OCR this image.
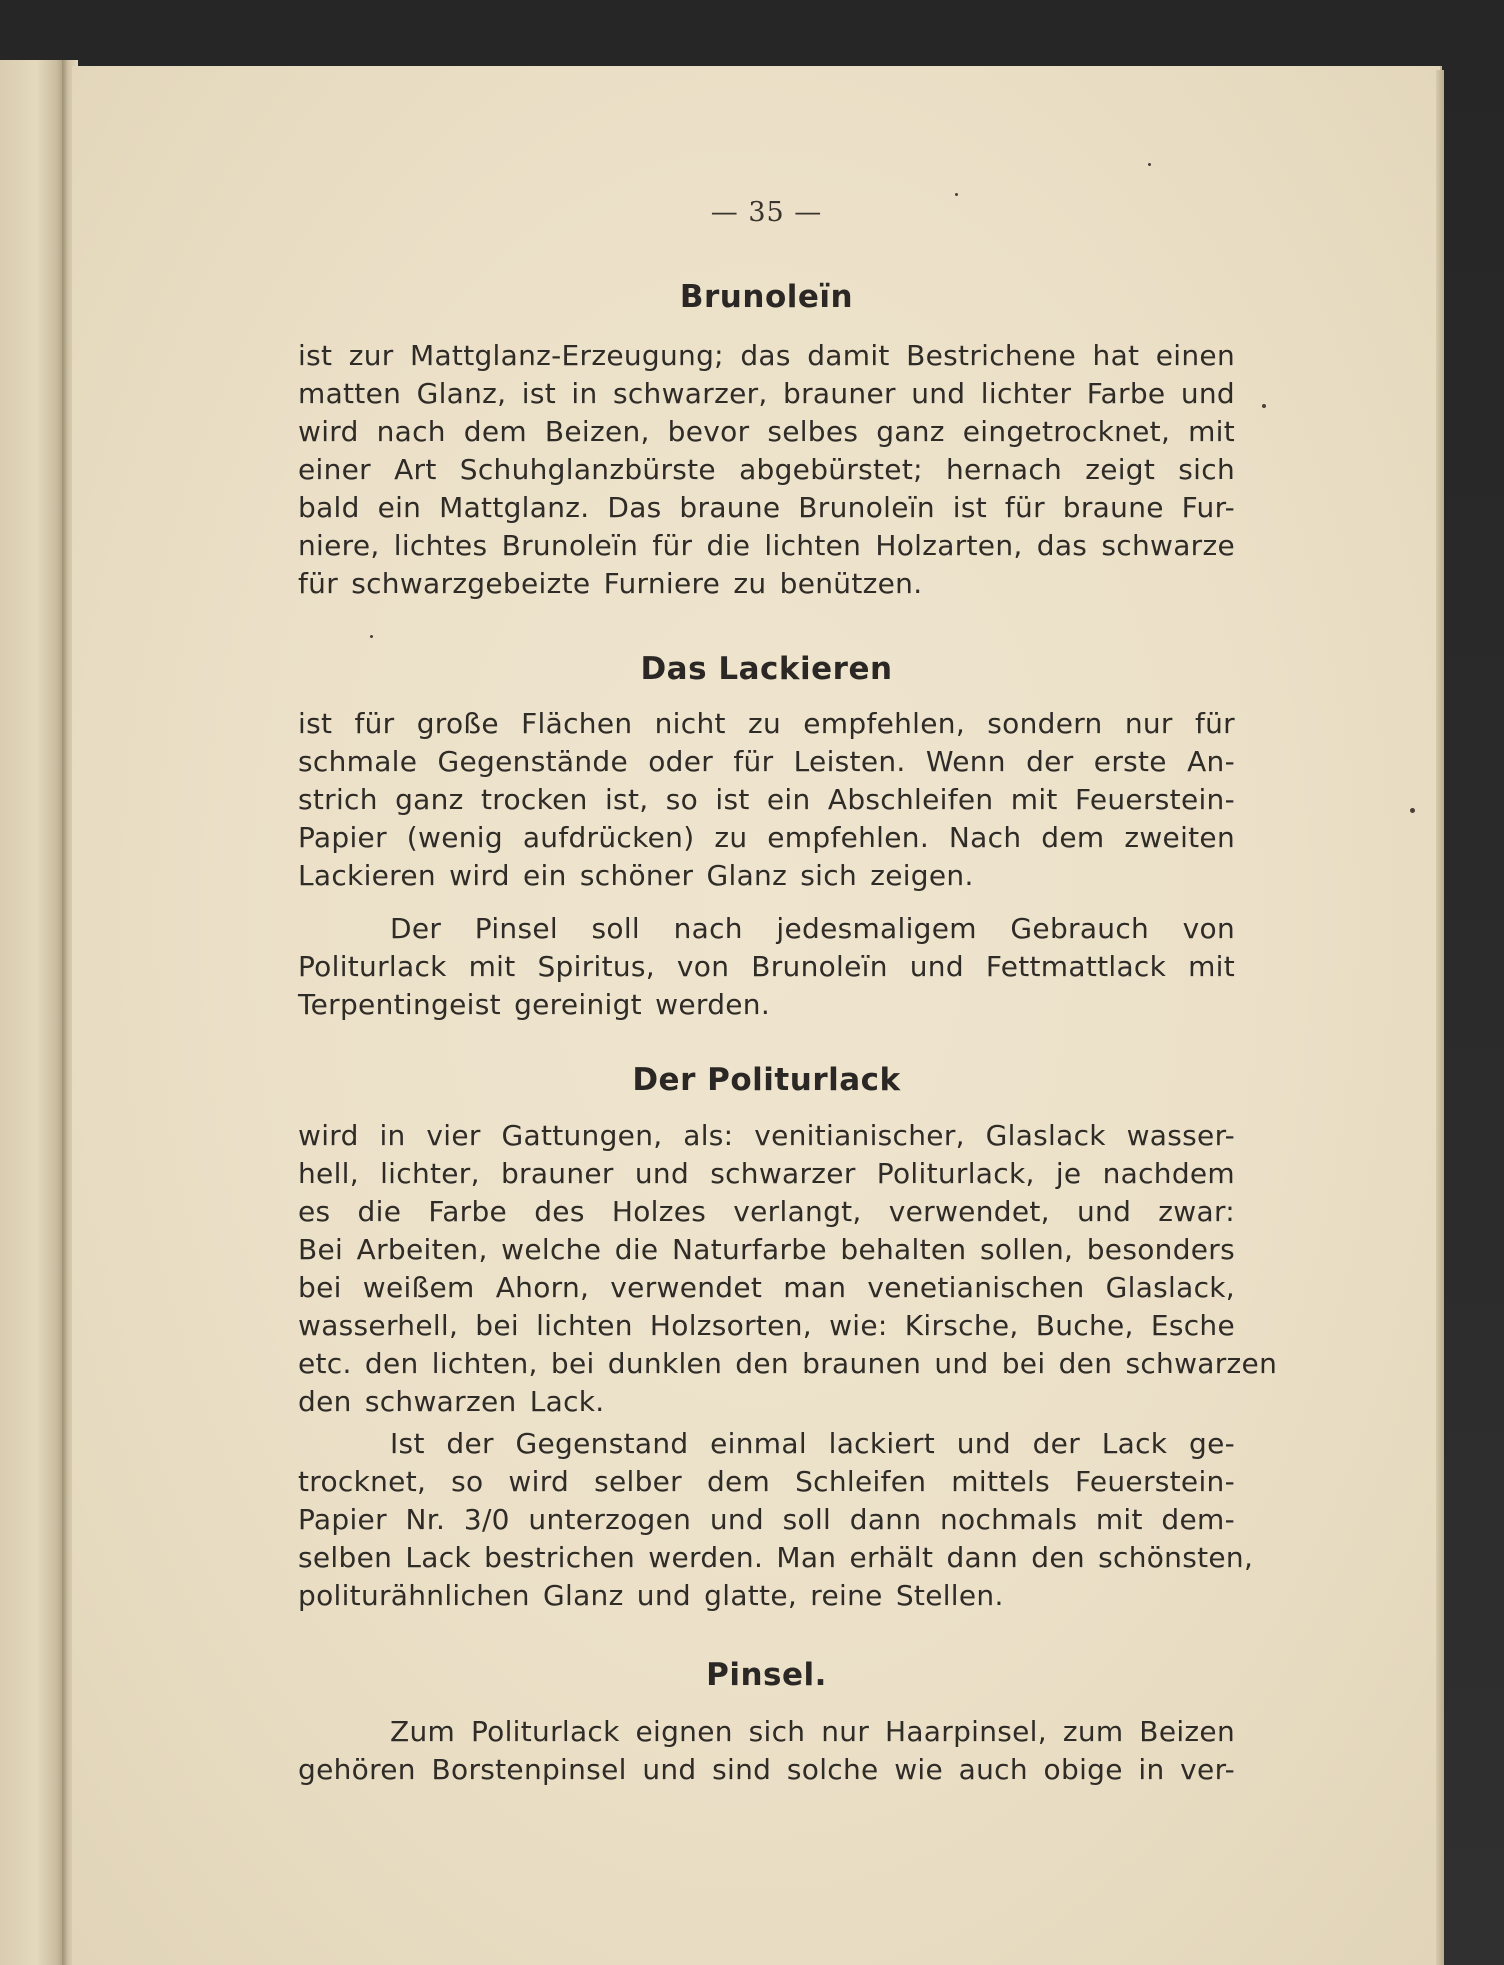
— 35 —
Brunoleïn
ist zur Mattglanz-Erzeugung; das damit Bestrichene hat einen
matten Glanz, ist in schwarzer, brauner und lichter Farbe und
wird nach dem Beizen, bevor selbes ganz eingetrocknet, mit
einer Art Schuhglanzbürste abgebürstet; hernach zeigt sich
bald ein Mattglanz. Das braune Brunoleïn ist für braune Fur-
niere, lichtes Brunoleïn für die lichten Holzarten, das schwarze
für schwarzgebeizte Furniere zu benützen.
Das Lackieren
ist für große Flächen nicht zu empfehlen, sondern nur für
schmale Gegenstände oder für Leisten. Wenn der erste An-
strich ganz trocken ist, so ist ein Abschleifen mit Feuerstein-
Papier (wenig aufdrücken) zu empfehlen. Nach dem zweiten
Lackieren wird ein schöner Glanz sich zeigen.
Der Pinsel soll nach jedesmaligem Gebrauch von
Politurlack mit Spiritus, von Brunoleïn und Fettmattlack mit
Terpentingeist gereinigt werden.
Der Politurlack
wird in vier Gattungen, als: venitianischer, Glaslack wasser-
hell, lichter, brauner und schwarzer Politurlack, je nachdem
es die Farbe des Holzes verlangt, verwendet, und zwar:
Bei Arbeiten, welche die Naturfarbe behalten sollen, besonders
bei weißem Ahorn, verwendet man venetianischen Glaslack,
wasserhell, bei lichten Holzsorten, wie: Kirsche, Buche, Esche
etc. den lichten, bei dunklen den braunen und bei den schwarzen
den schwarzen Lack.
Ist der Gegenstand einmal lackiert und der Lack ge-
trocknet, so wird selber dem Schleifen mittels Feuerstein-
Papier Nr. 3/0 unterzogen und soll dann nochmals mit dem-
selben Lack bestrichen werden. Man erhält dann den schönsten,
politurähnlichen Glanz und glatte, reine Stellen.
Pinsel.
Zum Politurlack eignen sich nur Haarpinsel, zum Beizen
gehören Borstenpinsel und sind solche wie auch obige in ver-
